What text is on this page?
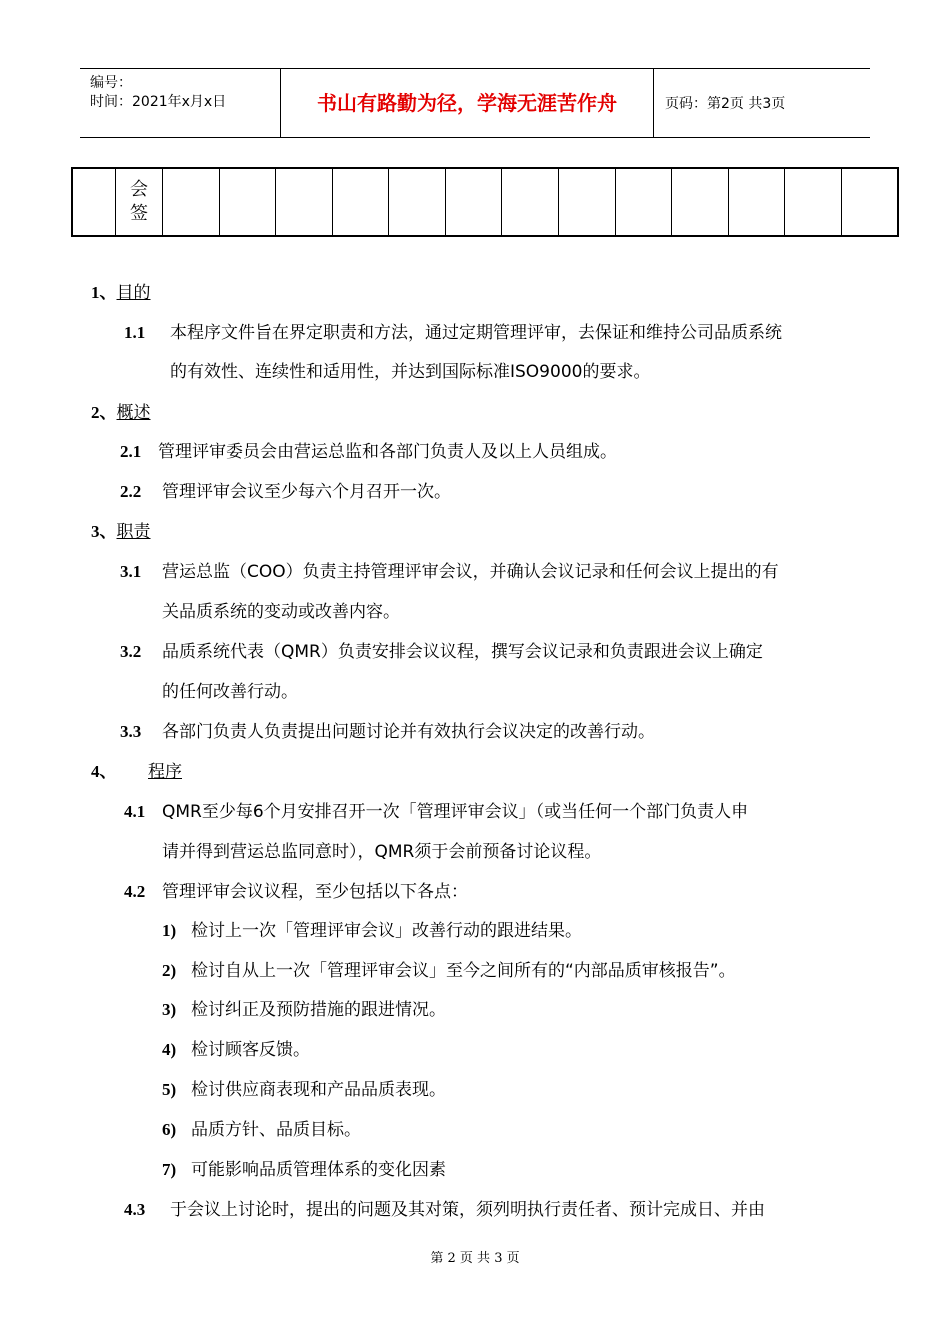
编号：
时间：2021年x月x日	书山有路勤为径，学海无涯苦作舟	页码：第2页 共3页
	会签													
1、目的
1.1 本程序文件旨在界定职责和方法，通过定期管理评审，去保证和维持公司品质系统
的有效性、连续性和适用性，并达到国际标准ISO9000的要求。
2、概述
2.1 管理评审委员会由营运总监和各部门负责人及以上人员组成。
2.2 管理评审会议至少每六个月召开一次。
3、职责
3.1 营运总监（COO）负责主持管理评审会议，并确认会议记录和任何会议上提出的有
关品质系统的变动或改善内容。
3.2 品质系统代表（QMR）负责安排会议议程，撰写会议记录和负责跟进会议上确定
的任何改善行动。
3.3 各部门负责人负责提出问题讨论并有效执行会议决定的改善行动。
4、 程序
4.1 QMR至少每6个月安排召开一次「管理评审会议」（或当任何一个部门负责人申
请并得到营运总监同意时），QMR须于会前预备讨论议程。
4.2 管理评审会议议程，至少包括以下各点：
1) 检讨上一次「管理评审会议」改善行动的跟进结果。
2) 检讨自从上一次「管理评审会议」至今之间所有的“内部品质审核报告”。
3) 检讨纠正及预防措施的跟进情况。
4) 检讨顾客反馈。
5) 检讨供应商表现和产品品质表现。
6) 品质方针、品质目标。
7) 可能影响品质管理体系的变化因素
4.3 于会议上讨论时，提出的问题及其对策，须列明执行责任者、预计完成日、并由
第 2 页 共 3 页
